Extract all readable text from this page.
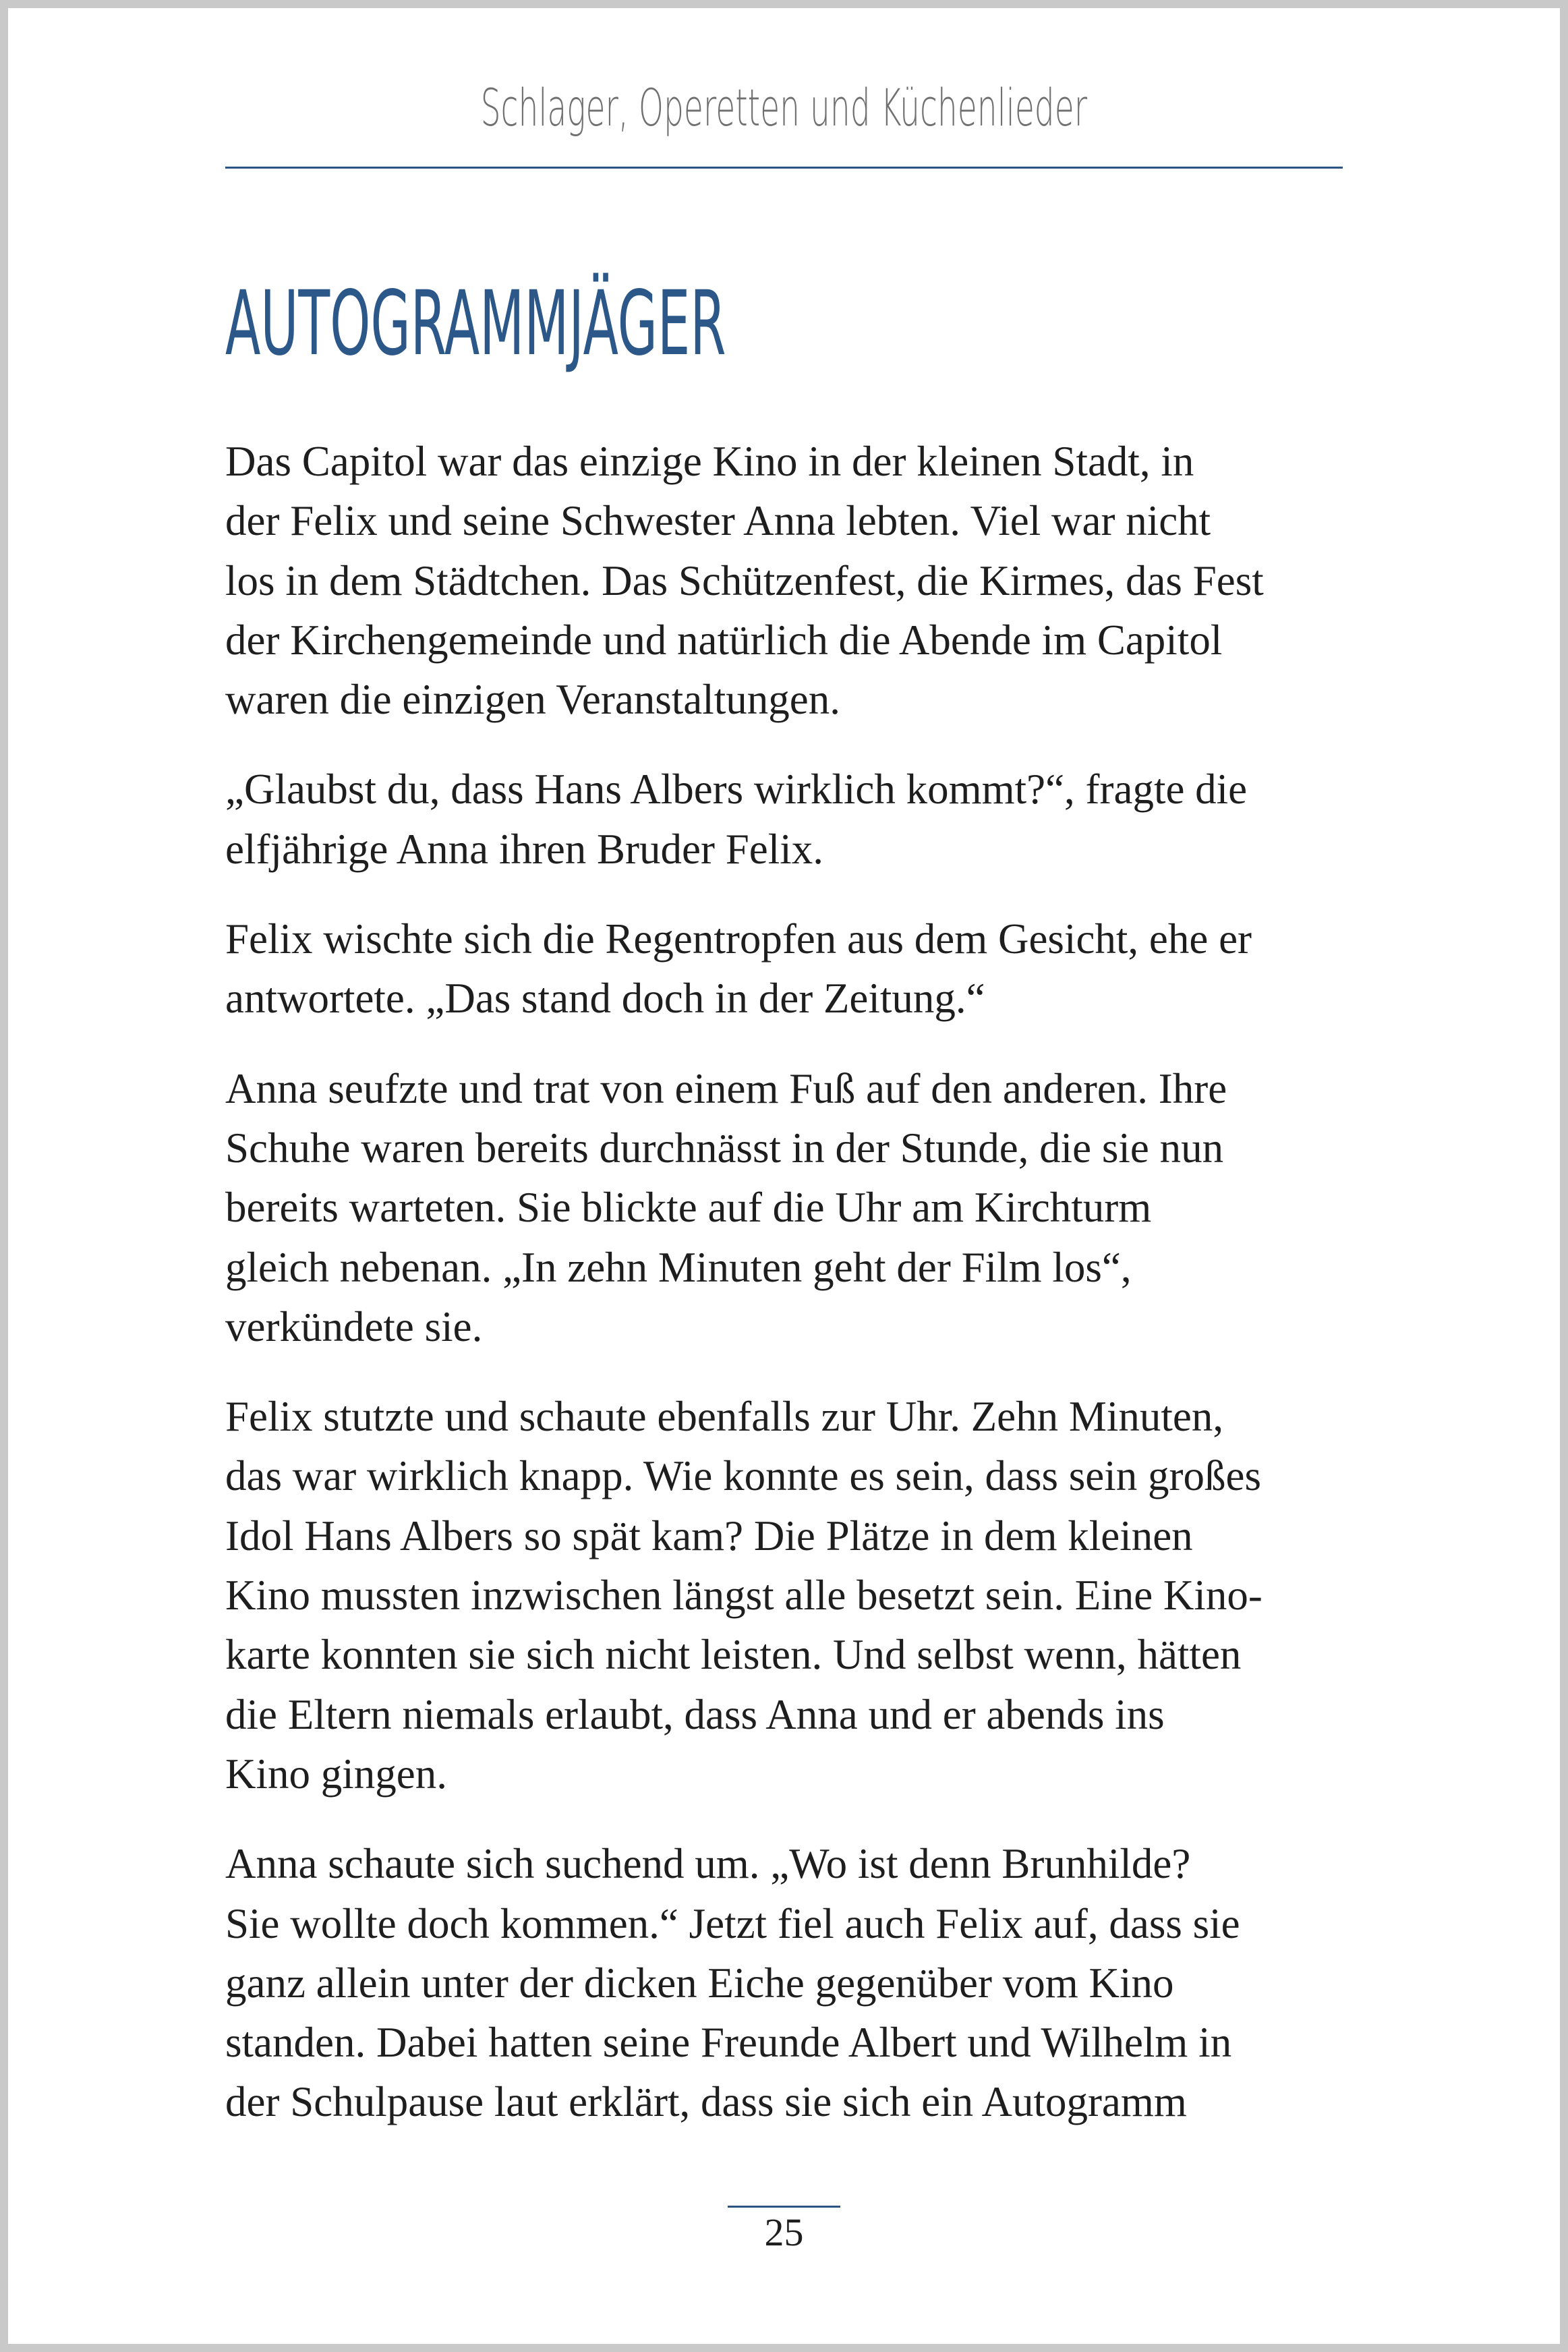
Schlager, Operetten und Küchenlieder
AUTOGRAMMJÄGER
Das Capitol war das einzige Kino in der kleinen Stadt, in
der Felix und seine Schwester Anna lebten. Viel war nicht
los in dem Städtchen. Das Schützenfest, die Kirmes, das Fest
der Kirchengemeinde und natürlich die Abende im Capitol
waren die einzigen Veranstaltungen.
„Glaubst du, dass Hans Albers wirklich kommt?“, fragte die
elfjährige Anna ihren Bruder Felix.
Felix wischte sich die Regentropfen aus dem Gesicht, ehe er
antwortete. „Das stand doch in der Zeitung.“
Anna seufzte und trat von einem Fuß auf den anderen. Ihre
Schuhe waren bereits durchnässt in der Stunde, die sie nun
bereits warteten. Sie blickte auf die Uhr am Kirchturm
gleich nebenan. „In zehn Minuten geht der Film los“,
verkündete sie.
Felix stutzte und schaute ebenfalls zur Uhr. Zehn Minuten,
das war wirklich knapp. Wie konnte es sein, dass sein großes
Idol Hans Albers so spät kam? Die Plätze in dem kleinen
Kino mussten inzwischen längst alle besetzt sein. Eine Kino-
karte konnten sie sich nicht leisten. Und selbst wenn, hätten
die Eltern niemals erlaubt, dass Anna und er abends ins
Kino gingen.
Anna schaute sich suchend um. „Wo ist denn Brunhilde?
Sie wollte doch kommen.“ Jetzt fiel auch Felix auf, dass sie
ganz allein unter der dicken Eiche gegenüber vom Kino
standen. Dabei hatten seine Freunde Albert und Wilhelm in
der Schulpause laut erklärt, dass sie sich ein Autogramm
25
